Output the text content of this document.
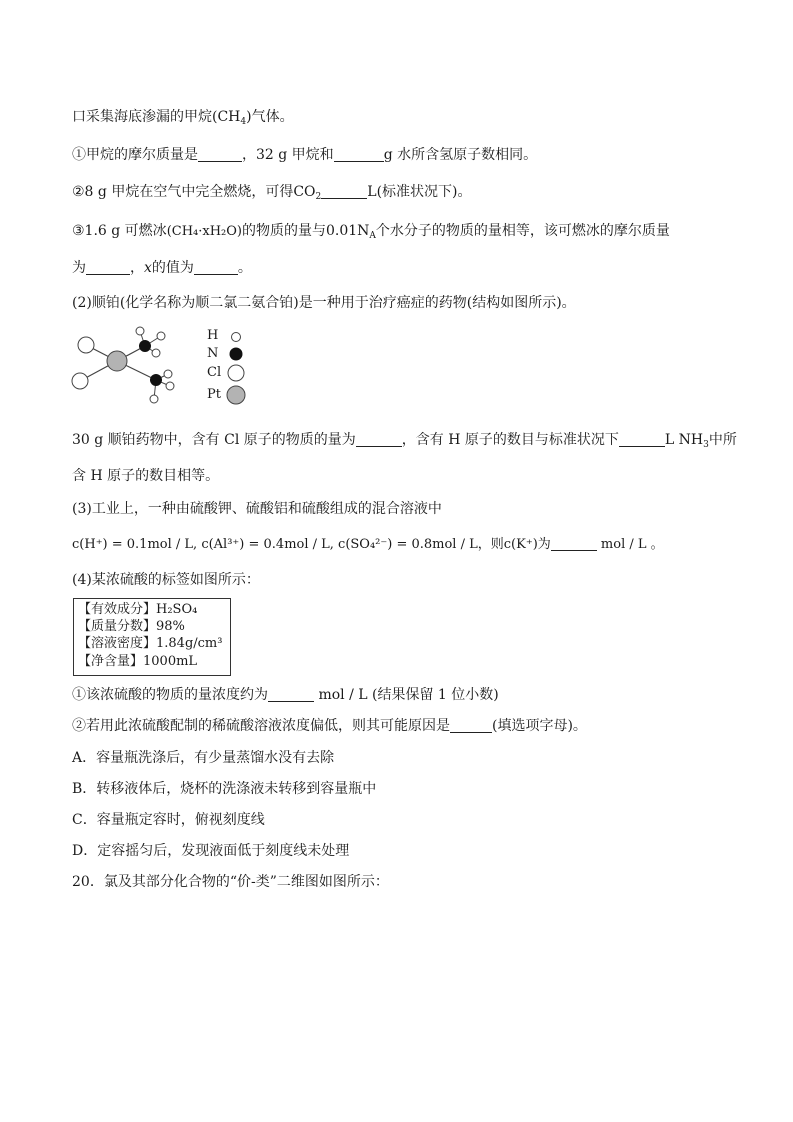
口采集海底渗漏的甲烷$(CH_4)$气体。
①甲烷的摩尔质量是	，32 g 甲烷和	g 水所含氢原子数相同。
②8 g 甲烷在空气中完全燃烧，可得$CO_2$	L(标准状况下)。
③1.6 g 可燃冰(CH₄·xH₂O)的物质的量与$0.01N_A$个水分子的物质的量相等，该可燃冰的摩尔质量
为	，x的值为	。
(2)顺铂(化学名称为顺二氯二氨合铂)是一种用于治疗癌症的药物(结构如图所示)。
H
N
Cl
Pt
30 g 顺铂药物中，含有 Cl 原子的物质的量为	，含有 H 原子的数目与标准状况下	L $NH_3$中所
含 H 原子的数目相等。
(3)工业上，一种由硫酸钾、硫酸铝和硫酸组成的混合溶液中
c(H⁺) = 0.1mol / L, c(Al³⁺) = 0.4mol / L, c(SO₄²⁻) = 0.8mol / L，则c(K⁺)为	mol / L 。
(4)某浓硫酸的标签如图所示：
【有效成分】H₂SO₄
【质量分数】98%
【溶液密度】1.84g/cm³
【净含量】1000mL
①该浓硫酸的物质的量浓度约为	mol / L (结果保留 1 位小数)
②若用此浓硫酸配制的稀硫酸溶液浓度偏低，则其可能原因是	(填选项字母)。
A．容量瓶洗涤后，有少量蒸馏水没有去除
B．转移液体后，烧杯的洗涤液未转移到容量瓶中
C．容量瓶定容时，俯视刻度线
D．定容摇匀后，发现液面低于刻度线未处理
20．氯及其部分化合物的“价-类”二维图如图所示：
